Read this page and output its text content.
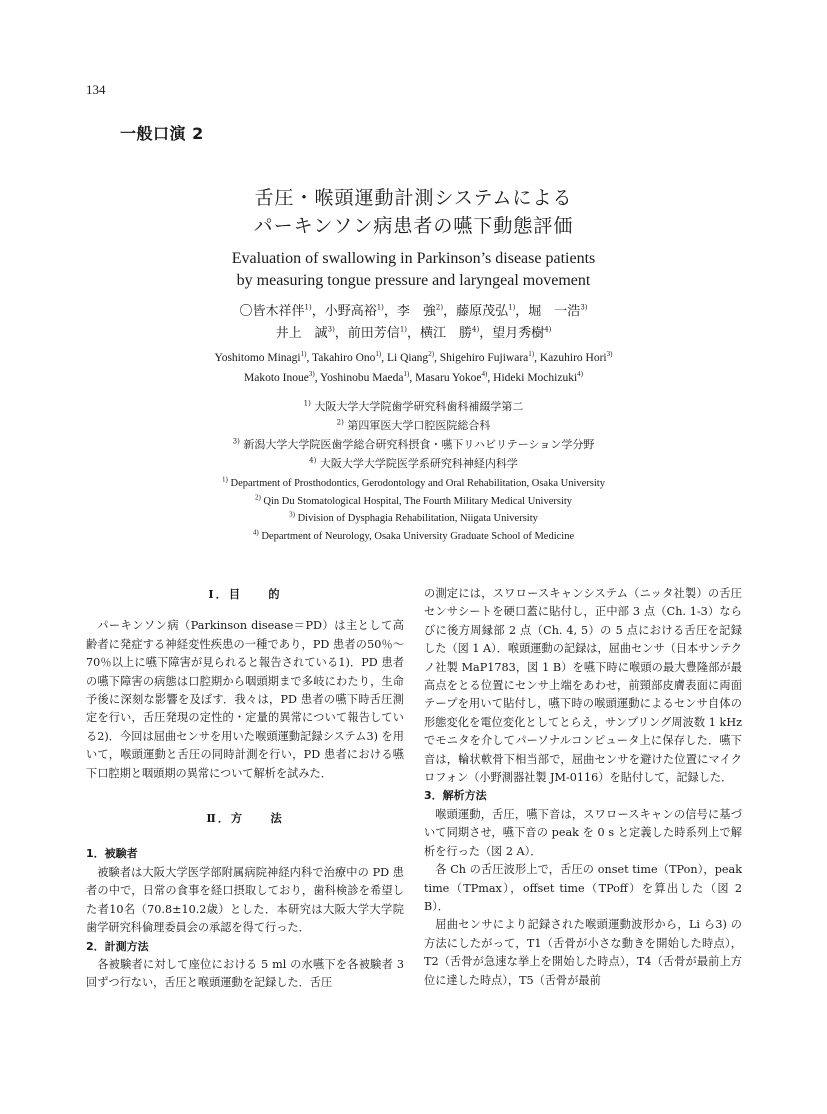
134
一般口演 2
舌圧・喉頭運動計測システムによる
パーキンソン病患者の嚥下動態評価
Evaluation of swallowing in Parkinson’s disease patients
by measuring tongue pressure and laryngeal movement
〇皆木祥伴$^{1)}$，小野高裕$^{1)}$，李　強$^{2)}$，藤原茂弘$^{1)}$，堀　一浩$^{3)}$
井上　誠$^{3)}$，前田芳信$^{1)}$，横江　勝$^{4)}$，望月秀樹$^{4)}$
Yoshitomo Minagi$^{1)}$, Takahiro Ono$^{1)}$, Li Qiang$^{2)}$, Shigehiro Fujiwara$^{1)}$, Kazuhiro Hori$^{3)}$
Makoto Inoue$^{3)}$, Yoshinobu Maeda$^{1)}$, Masaru Yokoe$^{4)}$, Hideki Mochizuki$^{4)}$
$^{1)}$ 大阪大学大学院歯学研究科歯科補綴学第二
$^{2)}$ 第四軍医大学口腔医院総合科
$^{3)}$ 新潟大学大学院医歯学総合研究科摂食・嚥下リハビリテーション学分野
$^{4)}$ 大阪大学大学院医学系研究科神経内科学
$^{1)}$ Department of Prosthodontics, Gerodontology and Oral Rehabilitation, Osaka University
$^{2)}$ Qin Du Stomatological Hospital, The Fourth Military Medical University
$^{3)}$ Division of Dysphagia Rehabilitation, Niigata University
$^{4)}$ Department of Neurology, Osaka University Graduate School of Medicine

Ⅰ．目　　的

パーキンソン病（Parkinson disease＝PD）は主として高齢者に発症する神経変性疾患の一種であり，PD 患者の50％～70％以上に嚥下障害が見られると報告されている1)．PD 患者の嚥下障害の病態は口腔期から咽頭期まで多岐にわたり，生命予後に深刻な影響を及ぼす．我々は，PD 患者の嚥下時舌圧測定を行い，舌圧発現の定性的・定量的異常について報告している2)．今回は屈曲センサを用いた喉頭運動記録システム3) を用いて，喉頭運動と舌圧の同時計測を行い，PD 患者における嚥下口腔期と咽頭期の異常について解析を試みた．

Ⅱ．方　　法

1．被験者

被験者は大阪大学医学部附属病院神経内科で治療中の PD 患者の中で，日常の食事を経口摂取しており，歯科検診を希望した者10名（70.8±10.2歳）とした．本研究は大阪大学大学院歯学研究科倫理委員会の承認を得て行った．

2．計測方法

各被験者に対して座位における 5 ml の水嚥下を各被験者 3 回ずつ行ない，舌圧と喉頭運動を記録した．舌圧

の測定には，スワロースキャンシステム（ニッタ社製）の舌圧センサシートを硬口蓋に貼付し，正中部 3 点（Ch. 1-3）ならびに後方周縁部 2 点（Ch. 4, 5）の 5 点における舌圧を記録した（図 1 A）．喉頭運動の記録は，屈曲センサ（日本サンテクノ社製 MaP1783，図 1 B）を嚥下時に喉頭の最大豊隆部が最高点をとる位置にセンサ上端をあわせ，前頸部皮膚表面に両面テープを用いて貼付し，嚥下時の喉頭運動によるセンサ自体の形態変化を電位変化としてとらえ，サンプリング周波数 1 kHz でモニタを介してパーソナルコンピュータ上に保存した．嚥下音は，輪状軟骨下相当部で，屈曲センサを避けた位置にマイクロフォン（小野測器社製 JM-0116）を貼付して，記録した．

3．解析方法

喉頭運動，舌圧，嚥下音は，スワロースキャンの信号に基づいて同期させ，嚥下音の peak を 0 s と定義した時系列上で解析を行った（図 2 A）．

各 Ch の舌圧波形上で，舌圧の onset time（TPon），peak time（TPmax），offset time（TPoff）を算出した（図 2 B）．

屈曲センサにより記録された喉頭運動波形から，Li ら3) の方法にしたがって，T1（舌骨が小さな動きを開始した時点），T2（舌骨が急速な挙上を開始した時点），T4（舌骨が最前上方位に達した時点），T5（舌骨が最前
